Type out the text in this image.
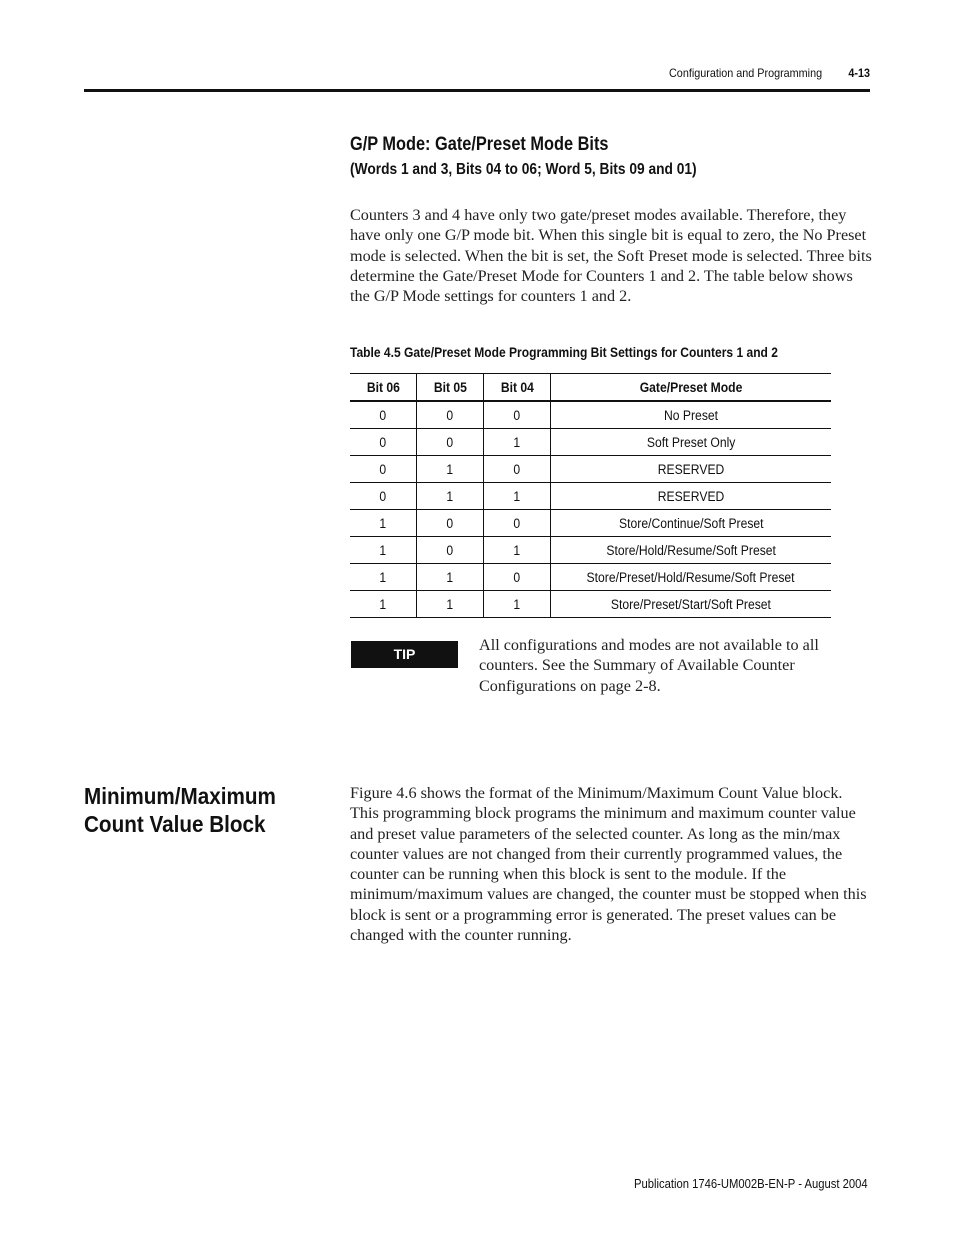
Configuration and Programming 4-13
G/P Mode: Gate/Preset Mode Bits
(Words 1 and 3, Bits 04 to 06; Word 5, Bits 09 and 01)

Counters 3 and 4 have only two gate/preset modes available. Therefore, they have only one G/P mode bit. When this single bit is equal to zero, the No Preset mode is selected. When the bit is set, the Soft Preset mode is selected. Three bits determine the Gate/Preset Mode for Counters 1 and 2. The table below shows the G/P Mode settings for counters 1 and 2.

Table 4.5 Gate/Preset Mode Programming Bit Settings for Counters 1 and 2
Bit 06	Bit 05	Bit 04	Gate/Preset Mode
0	0	0	No Preset
0	0	1	Soft Preset Only
0	1	0	RESERVED
0	1	1	RESERVED
1	0	0	Store/Continue/Soft Preset
1	0	1	Store/Hold/Resume/Soft Preset
1	1	0	Store/Preset/Hold/Resume/Soft Preset
1	1	1	Store/Preset/Start/Soft Preset
TIP	All configurations and modes are not available to all counters. See the Summary of Available Counter Configurations on page 2-8.

Minimum/Maximum Count Value Block

Figure 4.6 shows the format of the Minimum/Maximum Count Value block. This programming block programs the minimum and maximum counter value and preset value parameters of the selected counter. As long as the min/max counter values are not changed from their currently programmed values, the counter can be running when this block is sent to the module. If the minimum/maximum values are changed, the counter must be stopped when this block is sent or a programming error is generated. The preset values can be changed with the counter running.

Publication 1746-UM002B-EN-P - August 2004
